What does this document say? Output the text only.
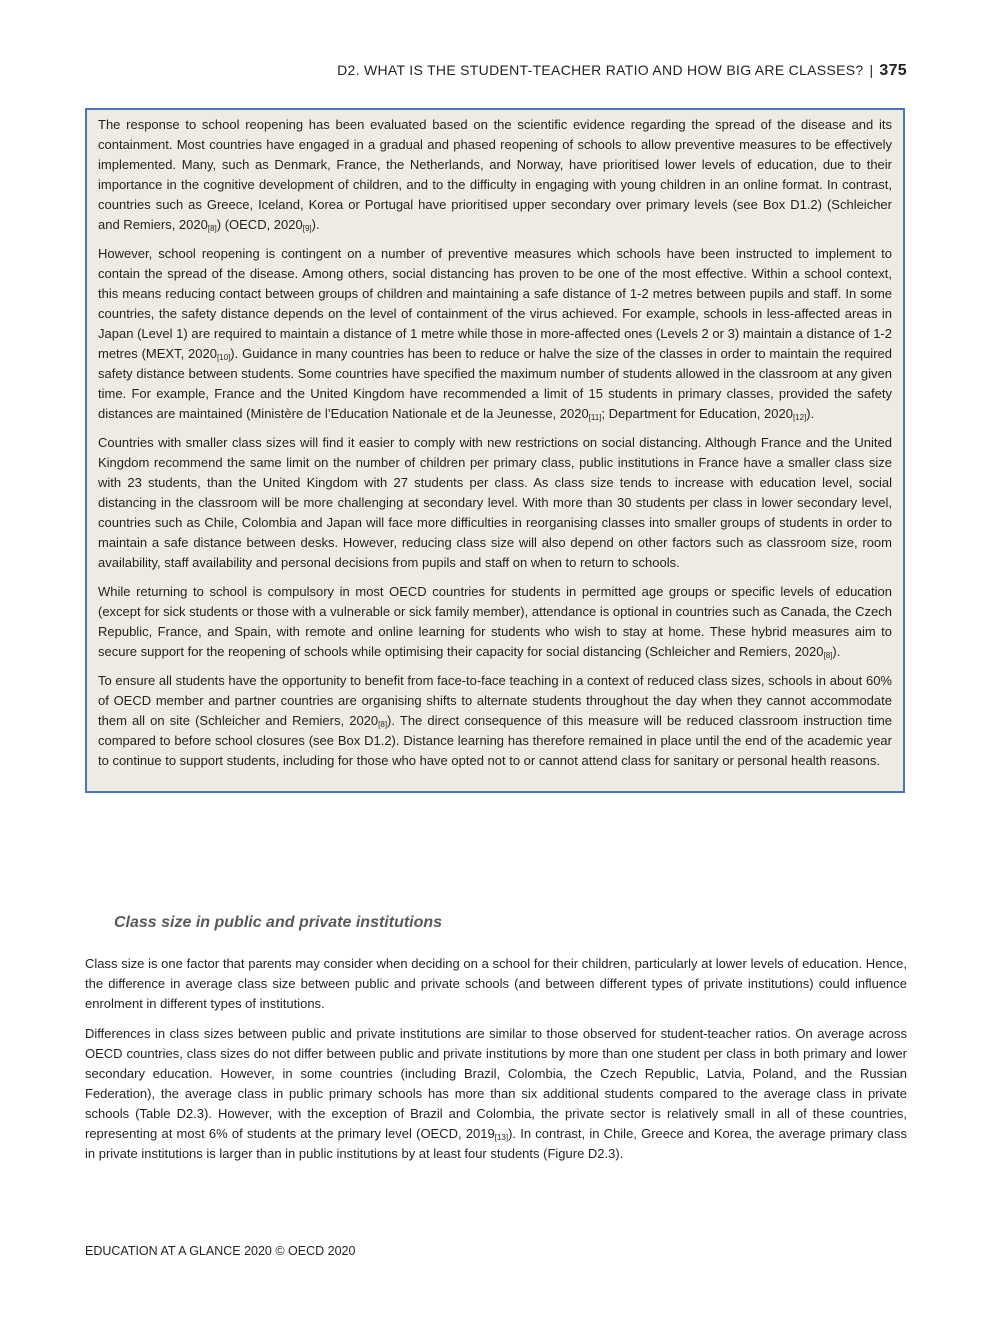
D2. WHAT IS THE STUDENT-TEACHER RATIO AND HOW BIG ARE CLASSES? | 375

The response to school reopening has been evaluated based on the scientific evidence regarding the spread of the disease and its containment. Most countries have engaged in a gradual and phased reopening of schools to allow preventive measures to be effectively implemented. Many, such as Denmark, France, the Netherlands, and Norway, have prioritised lower levels of education, due to their importance in the cognitive development of children, and to the difficulty in engaging with young children in an online format. In contrast, countries such as Greece, Iceland, Korea or Portugal have prioritised upper secondary over primary levels (see Box D1.2) (Schleicher and Remiers, $2020_{[8]}$) (OECD, $2020_{[9]}$).

However, school reopening is contingent on a number of preventive measures which schools have been instructed to implement to contain the spread of the disease. Among others, social distancing has proven to be one of the most effective. Within a school context, this means reducing contact between groups of children and maintaining a safe distance of 1-2 metres between pupils and staff. In some countries, the safety distance depends on the level of containment of the virus achieved. For example, schools in less-affected areas in Japan (Level 1) are required to maintain a distance of 1 metre while those in more-affected ones (Levels 2 or 3) maintain a distance of 1-2 metres (MEXT, $2020_{[10]}$). Guidance in many countries has been to reduce or halve the size of the classes in order to maintain the required safety distance between students. Some countries have specified the maximum number of students allowed in the classroom at any given time. For example, France and the United Kingdom have recommended a limit of 15 students in primary classes, provided the safety distances are maintained (Ministère de l’Education Nationale et de la Jeunesse, $2020_{[11]}$; Department for Education, $2020_{[12]}$).

Countries with smaller class sizes will find it easier to comply with new restrictions on social distancing. Although France and the United Kingdom recommend the same limit on the number of children per primary class, public institutions in France have a smaller class size with 23 students, than the United Kingdom with 27 students per class. As class size tends to increase with education level, social distancing in the classroom will be more challenging at secondary level. With more than 30 students per class in lower secondary level, countries such as Chile, Colombia and Japan will face more difficulties in reorganising classes into smaller groups of students in order to maintain a safe distance between desks. However, reducing class size will also depend on other factors such as classroom size, room availability, staff availability and personal decisions from pupils and staff on when to return to schools.

While returning to school is compulsory in most OECD countries for students in permitted age groups or specific levels of education (except for sick students or those with a vulnerable or sick family member), attendance is optional in countries such as Canada, the Czech Republic, France, and Spain, with remote and online learning for students who wish to stay at home. These hybrid measures aim to secure support for the reopening of schools while optimising their capacity for social distancing (Schleicher and Remiers, $2020_{[8]}$).

To ensure all students have the opportunity to benefit from face-to-face teaching in a context of reduced class sizes, schools in about 60% of OECD member and partner countries are organising shifts to alternate students throughout the day when they cannot accommodate them all on site (Schleicher and Remiers, $2020_{[8]}$). The direct consequence of this measure will be reduced classroom instruction time compared to before school closures (see Box D1.2). Distance learning has therefore remained in place until the end of the academic year to continue to support students, including for those who have opted not to or cannot attend class for sanitary or personal health reasons.

Class size in public and private institutions

Class size is one factor that parents may consider when deciding on a school for their children, particularly at lower levels of education. Hence, the difference in average class size between public and private schools (and between different types of private institutions) could influence enrolment in different types of institutions.

Differences in class sizes between public and private institutions are similar to those observed for student-teacher ratios. On average across OECD countries, class sizes do not differ between public and private institutions by more than one student per class in both primary and lower secondary education. However, in some countries (including Brazil, Colombia, the Czech Republic, Latvia, Poland, and the Russian Federation), the average class in public primary schools has more than six additional students compared to the average class in private schools (Table D2.3). However, with the exception of Brazil and Colombia, the private sector is relatively small in all of these countries, representing at most 6% of students at the primary level (OECD, $2019_{[13]}$). In contrast, in Chile, Greece and Korea, the average primary class in private institutions is larger than in public institutions by at least four students (Figure D2.3).

EDUCATION AT A GLANCE 2020 © OECD 2020
